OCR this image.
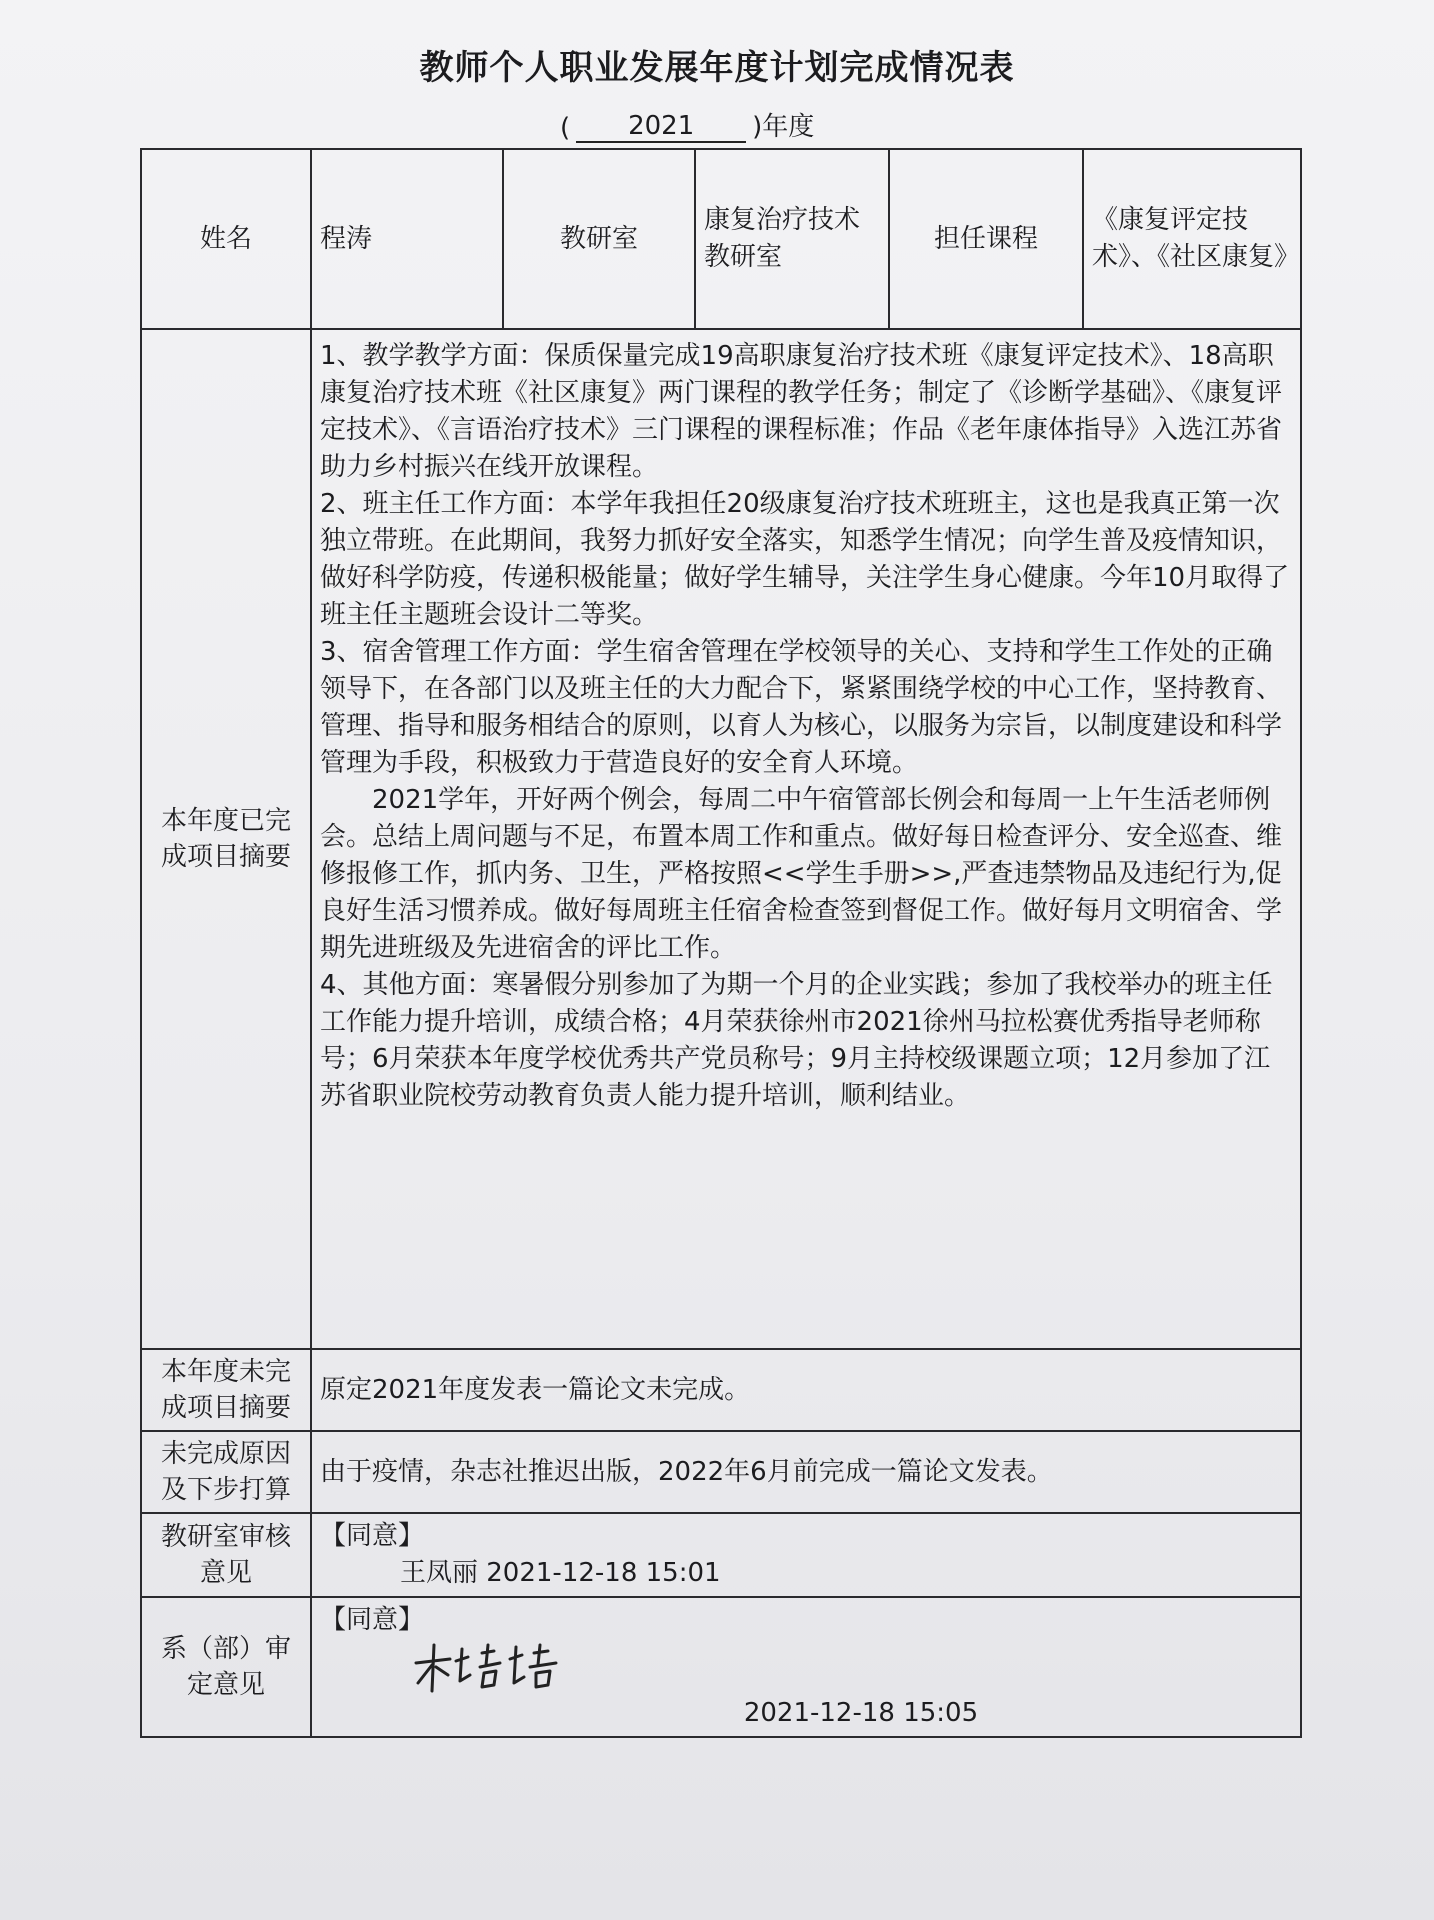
教师个人职业发展年度计划完成情况表
(	2021	)年度
姓名	程涛	教研室	康复治疗技术教研室	担任课程	《康复评定技术》、《社区康复》
本年度已完成项目摘要	1、教学教学方面：保质保量完成19高职康复治疗技术班《康复评定技术》、18高职康复治疗技术班《社区康复》两门课程的教学任务；制定了《诊断学基础》、《康复评定技术》、《言语治疗技术》三门课程的课程标准；作品《老年康体指导》入选江苏省助力乡村振兴在线开放课程。

2、班主任工作方面：本学年我担任20级康复治疗技术班班主，这也是我真正第一次独立带班。在此期间，我努力抓好安全落实，知悉学生情况；向学生普及疫情知识，做好科学防疫，传递积极能量；做好学生辅导，关注学生身心健康。今年10月取得了班主任主题班会设计二等奖。

3、宿舍管理工作方面：学生宿舍管理在学校领导的关心、支持和学生工作处的正确领导下，在各部门以及班主任的大力配合下，紧紧围绕学校的中心工作，坚持教育、管理、指导和服务相结合的原则，以育人为核心，以服务为宗旨，以制度建设和科学管理为手段，积极致力于营造良好的安全育人环境。

2021学年，开好两个例会，每周二中午宿管部长例会和每周一上午生活老师例会。总结上周问题与不足，布置本周工作和重点。做好每日检查评分、安全巡查、维修报修工作，抓内务、卫生，严格按照<<学生手册>>,严查违禁物品及违纪行为,促良好生活习惯养成。做好每周班主任宿舍检查签到督促工作。做好每月文明宿舍、学期先进班级及先进宿舍的评比工作。

4、其他方面：寒暑假分别参加了为期一个月的企业实践；参加了我校举办的班主任工作能力提升培训，成绩合格；4月荣获徐州市2021徐州马拉松赛优秀指导老师称号；6月荣获本年度学校优秀共产党员称号；9月主持校级课题立项；12月参加了江苏省职业院校劳动教育负责人能力提升培训，顺利结业。				

本年度未完成项目摘要	原定2021年度发表一篇论文未完成。				
未完成原因及下步打算	由于疫情，杂志社推迟出版，2022年6月前完成一篇论文发表。				
教研室审核意见	【同意】
王凤丽 2021-12-18 15:01				

系（部）审定意见	【同意】
2021-12-18 15:05				
